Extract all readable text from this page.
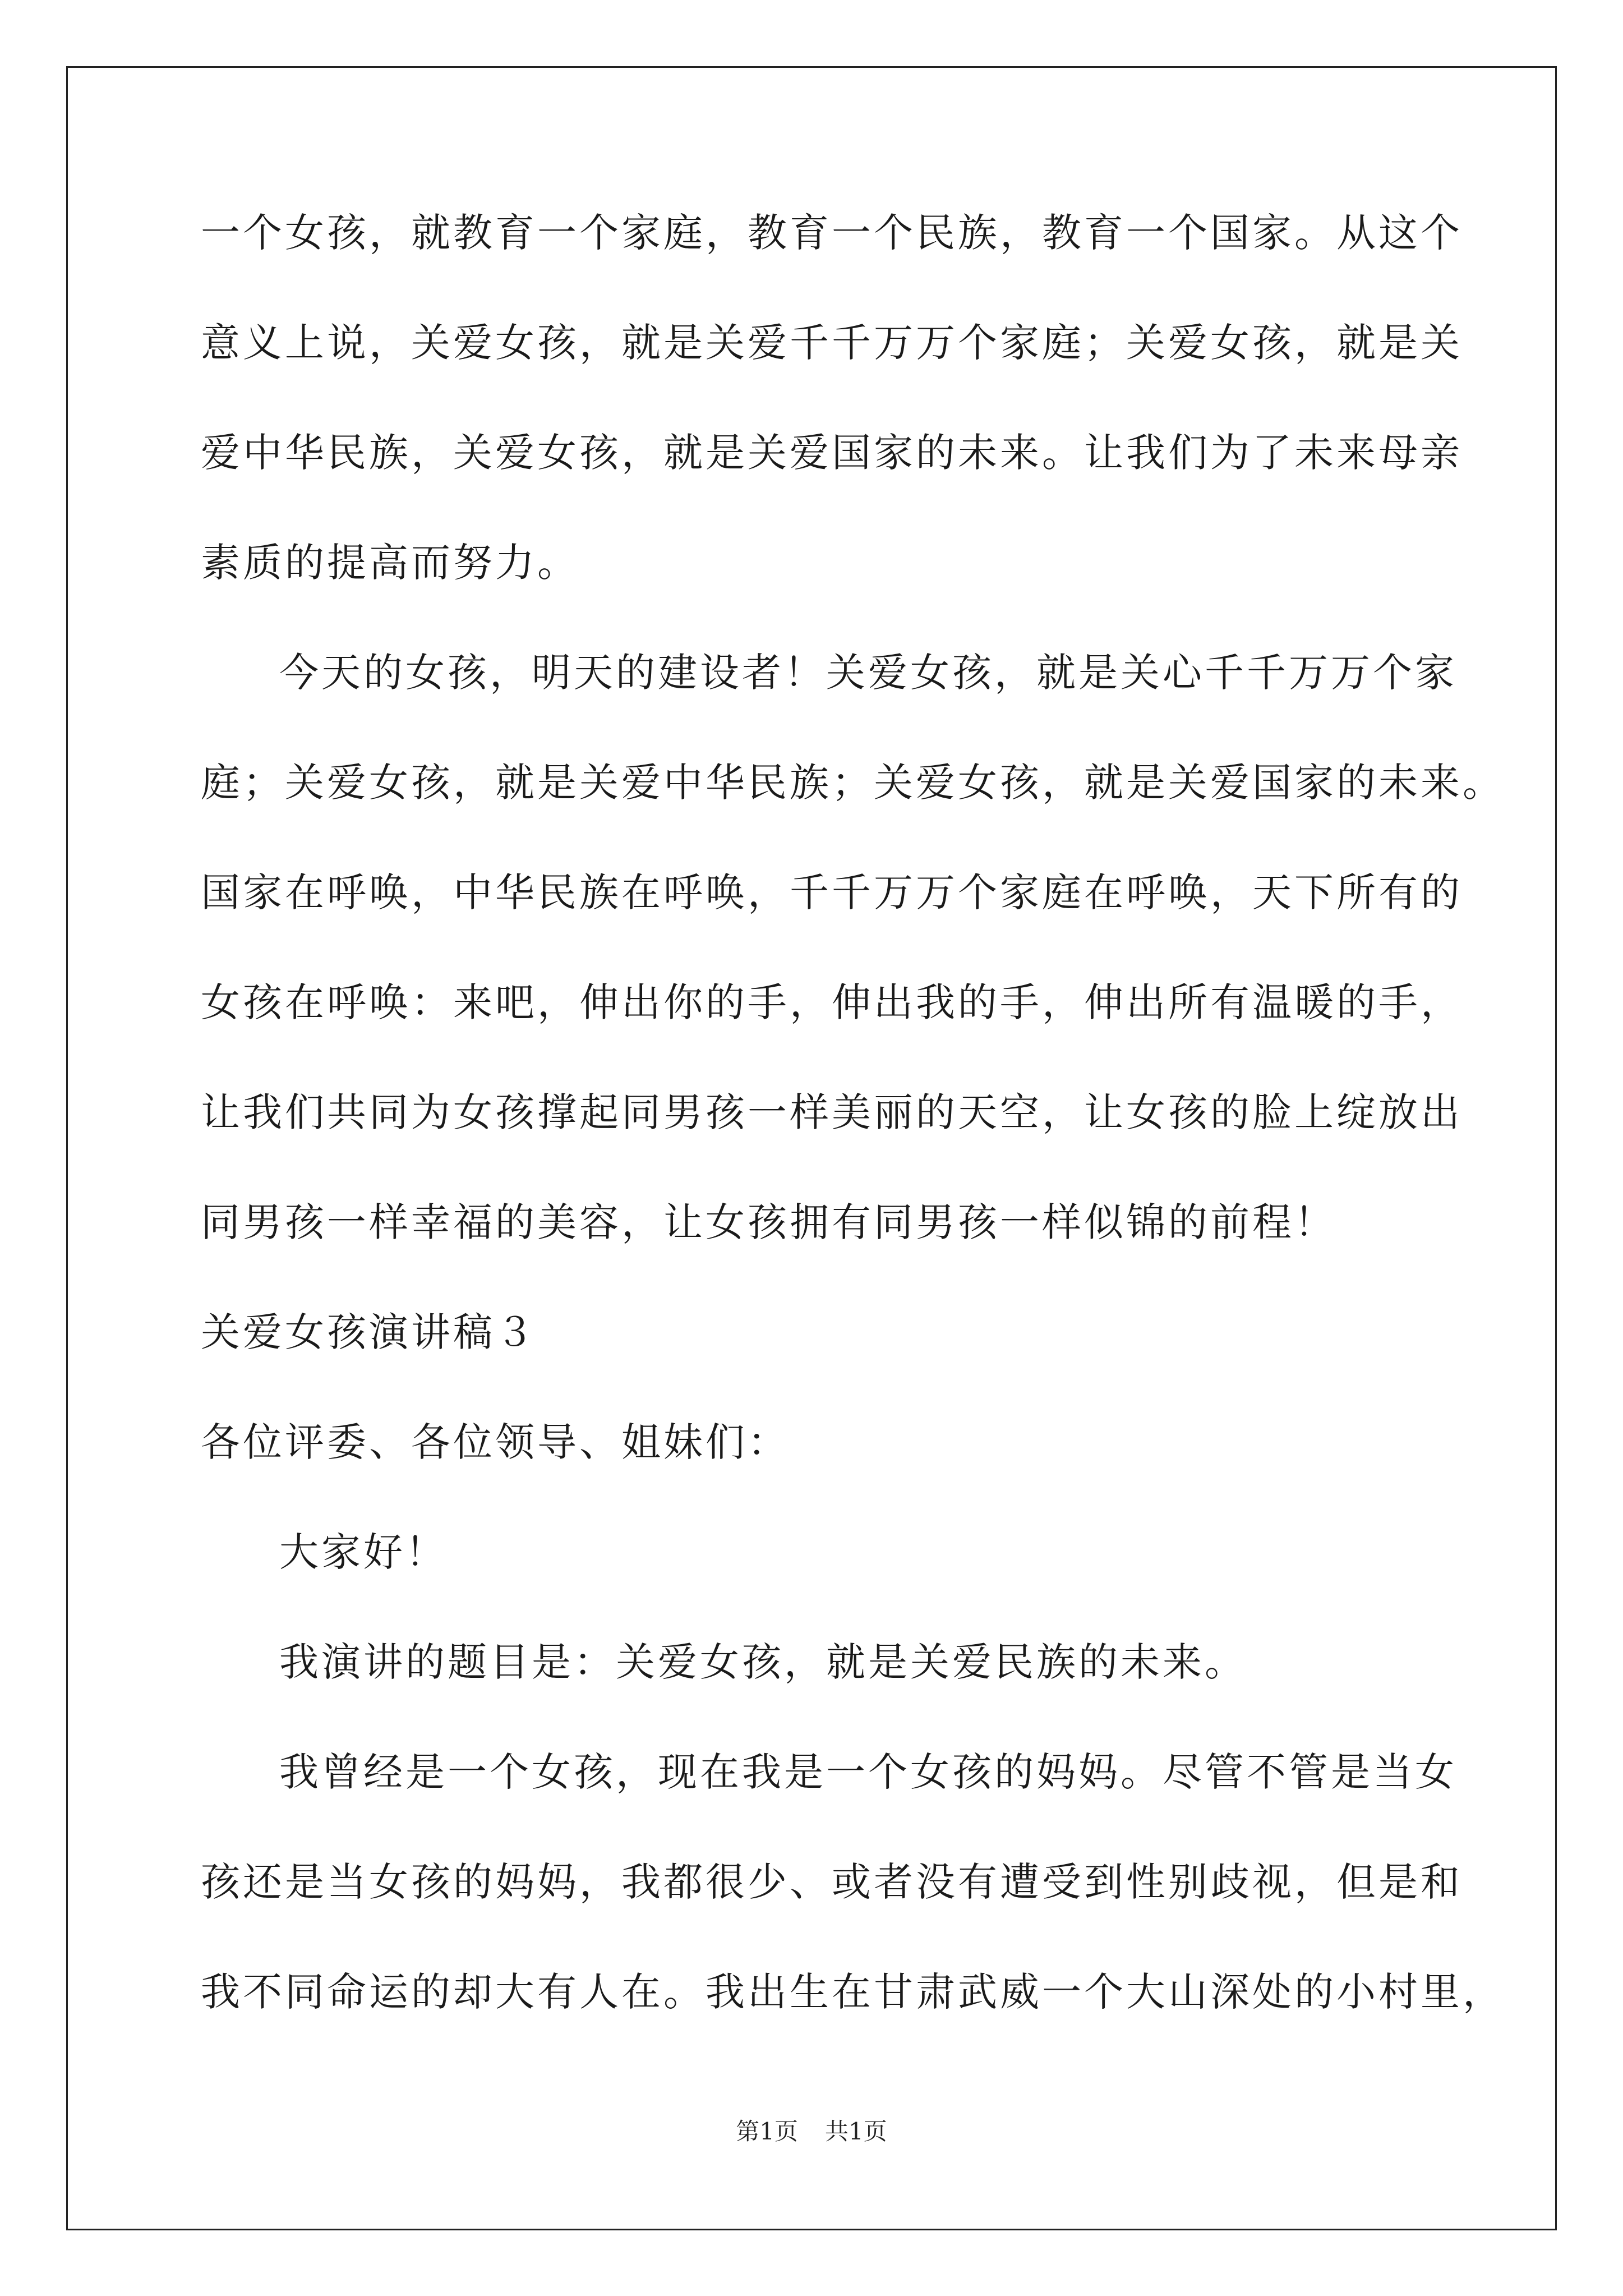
一个女孩，就教育一个家庭，教育一个民族，教育一个国家。从这个
意义上说，关爱女孩，就是关爱千千万万个家庭；关爱女孩，就是关
爱中华民族，关爱女孩，就是关爱国家的未来。让我们为了未来母亲
素质的提高而努力。
今天的女孩，明天的建设者！关爱女孩，就是关心千千万万个家
庭；关爱女孩，就是关爱中华民族；关爱女孩，就是关爱国家的未来。
国家在呼唤，中华民族在呼唤，千千万万个家庭在呼唤，天下所有的
女孩在呼唤：来吧，伸出你的手，伸出我的手，伸出所有温暖的手，
让我们共同为女孩撑起同男孩一样美丽的天空，让女孩的脸上绽放出
同男孩一样幸福的美容，让女孩拥有同男孩一样似锦的前程！
关爱女孩演讲稿３
各位评委、各位领导、姐妹们：
大家好！
我演讲的题目是：关爱女孩，就是关爱民族的未来。
我曾经是一个女孩，现在我是一个女孩的妈妈。尽管不管是当女
孩还是当女孩的妈妈，我都很少、或者没有遭受到性别歧视，但是和
我不同命运的却大有人在。我出生在甘肃武威一个大山深处的小村里，
第1页 共1页
